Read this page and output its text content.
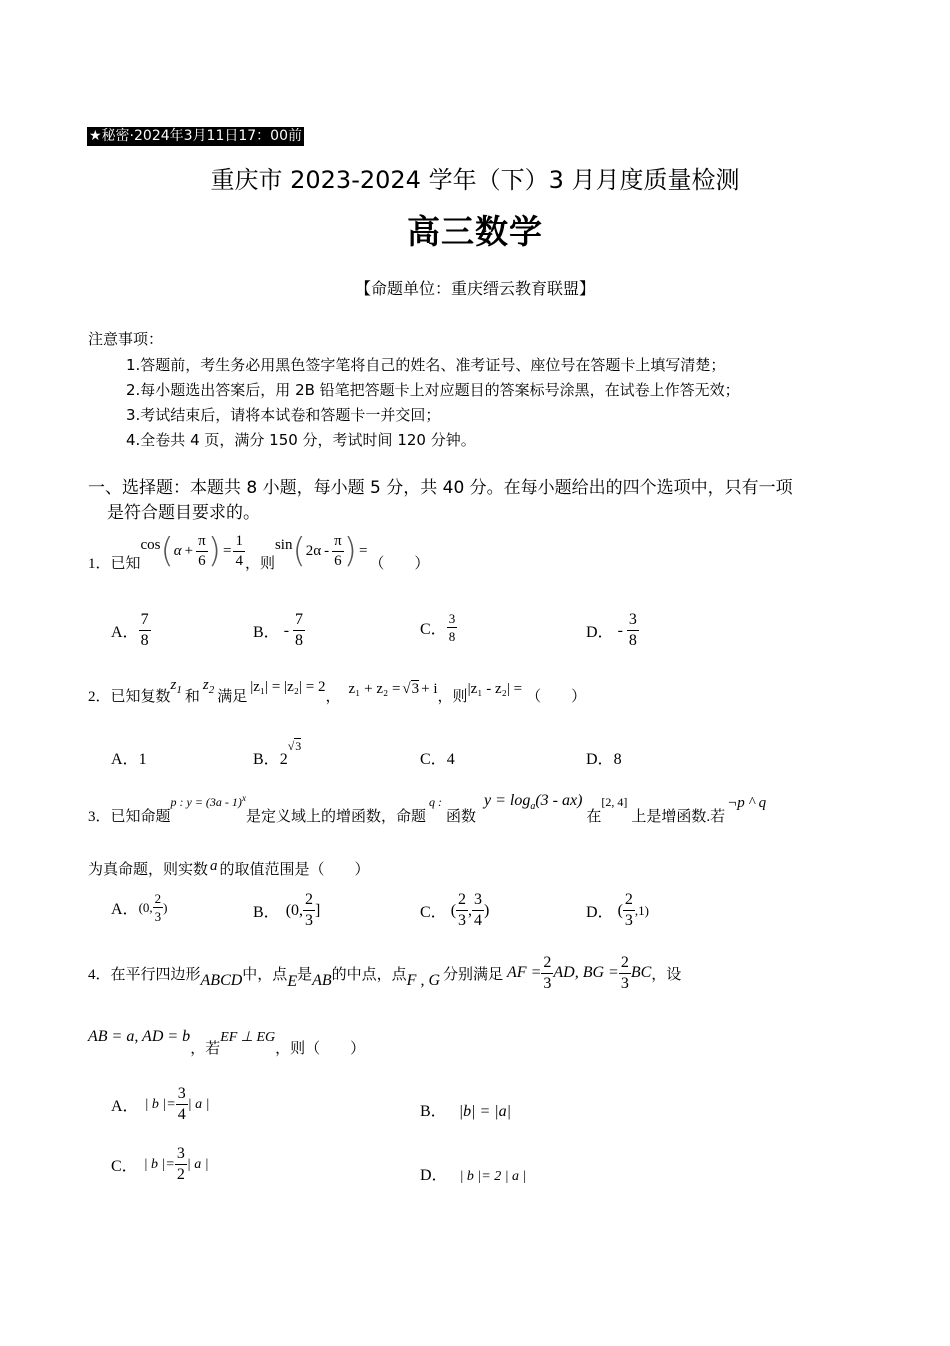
★秘密·2024年3月11日17：00前
重庆市 2023-2024 学年（下）3 月月度质量检测
高三数学
【命题单位：重庆缙云教育联盟】
注意事项：
1.答题前，考生务必用黑色签字笔将自己的姓名、准考证号、座位号在答题卡上填写清楚；
2.每小题选出答案后，用 2B 铅笔把答题卡上对应题目的答案标号涂黑，在试卷上作答无效；
3.考试结束后，请将本试卷和答题卡一并交回；
4.全卷共 4 页，满分 150 分，考试时间 120 分钟。
一、选择题：本题共 8 小题，每小题 5 分，共 40 分。在每小题给出的四个选项中，只有一项
是符合题目要求的。
1．已知
cos ( $\alpha + \frac{\pi}{6}$ ) = $\frac{1}{4}$ ，则
sin ( $2\alpha - \frac{\pi}{6}$ ) =
（　　）
A． $\frac{7}{8}$	B． - $\frac{7}{8}$	C． $\frac{3}{8}$	D． - $\frac{3}{8}$
2．已知复数
$z_1$ 和
$z_2$ 满足
|z₁| = |z₂| = 2
， z₁ + z₂ = √3 + i ，则 |z₁ - z₂| = （　　）
A．1	B．$2^{√3}$
C．4	D．8
3．已知命题
p : y = (3a - 1)$^x$
是定义域上的增函数，命题
q :
函数
$y = \log_a(3 - ax)$
在
[2, 4]
上是增函数.若
¬p ^ q
为真命题，则实数 a 的取值范围是（　　）
A． (0, $\frac{2}{3}$ )	B． (0, $\frac{2}{3}$ ]	C． ( $\frac{2}{3}$ , $\frac{3}{4}$ )	D． ( $\frac{2}{3} ,1$)
4．在平行四边形 ABCD 中，点 E 是 AB 的中点，点 F , G 分别满足 AF = $\frac{2}{3}$ AD, BG = $\frac{2}{3}$ BC ，设
AB = a, AD = b
，若
EF ⊥ EG
，则（　　）
A． | b |= $\frac{3}{4}$ | a |	B． |b| = |a|
C． | b |= $\frac{3}{2}$ | a |
D． | b |= 2 | a |
